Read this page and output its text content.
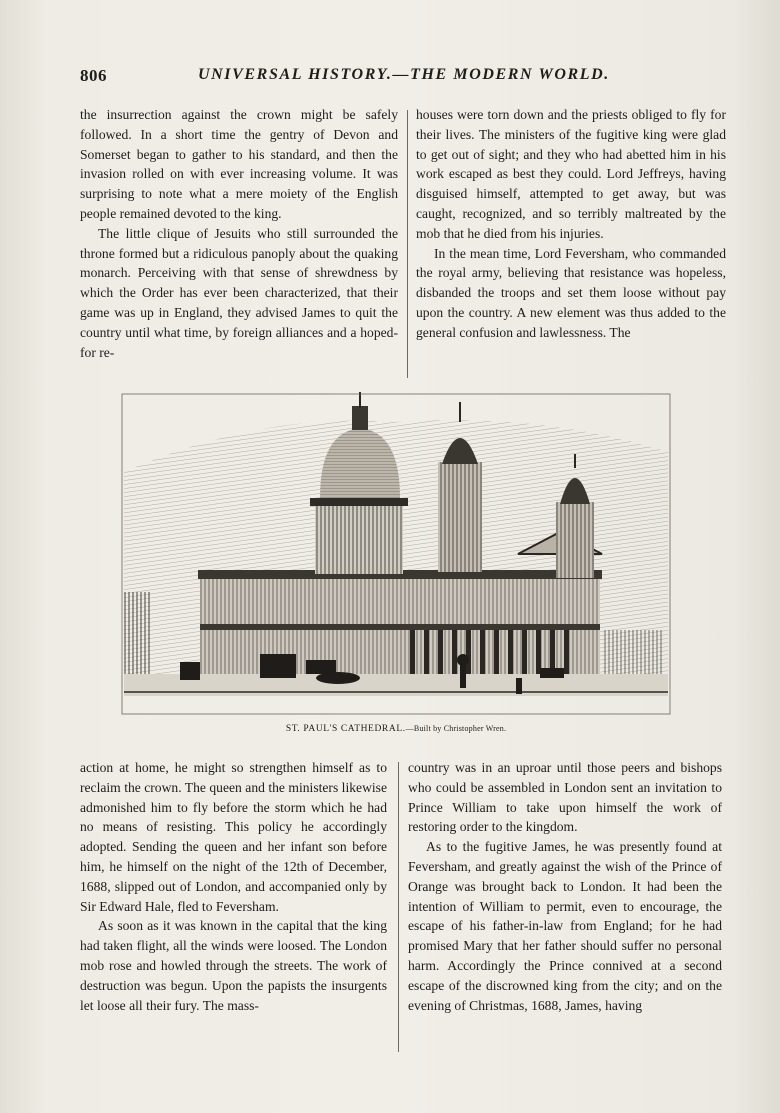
806	UNIVERSAL HISTORY.—THE MODERN WORLD.

the insurrection against the crown might be safely followed. In a short time the gentry of Devon and Somerset began to gather to his standard, and then the invasion rolled on with ever increasing volume. It was surprising to note what a mere moiety of the English people remained devoted to the king.

The little clique of Jesuits who still surrounded the throne formed but a ridiculous panoply about the quaking monarch. Perceiving with that sense of shrewdness by which the Order has ever been characterized, that their game was up in England, they advised James to quit the country until what time, by foreign alliances and a hoped-for re-

houses were torn down and the priests obliged to fly for their lives. The ministers of the fugitive king were glad to get out of sight; and they who had abetted him in his work escaped as best they could. Lord Jeffreys, having disguised himself, attempted to get away, but was caught, recognized, and so terribly maltreated by the mob that he died from his injuries.

In the mean time, Lord Feversham, who commanded the royal army, believing that resistance was hopeless, disbanded the troops and set them loose without pay upon the country. A new element was thus added to the general confusion and lawlessness. The

ST. PAUL'S CATHEDRAL.—Built by Christopher Wren.

action at home, he might so strengthen himself as to reclaim the crown. The queen and the ministers likewise admonished him to fly before the storm which he had no means of resisting. This policy he accordingly adopted. Sending the queen and her infant son before him, he himself on the night of the 12th of December, 1688, slipped out of London, and accompanied only by Sir Edward Hale, fled to Feversham.

As soon as it was known in the capital that the king had taken flight, all the winds were loosed. The London mob rose and howled through the streets. The work of destruction was begun. Upon the papists the insurgents let loose all their fury. The mass-

country was in an uproar until those peers and bishops who could be assembled in London sent an invitation to Prince William to take upon himself the work of restoring order to the kingdom.

As to the fugitive James, he was presently found at Feversham, and greatly against the wish of the Prince of Orange was brought back to London. It had been the intention of William to permit, even to encourage, the escape of his father-in-law from England; for he had promised Mary that her father should suffer no personal harm. Accordingly the Prince connived at a second escape of the discrowned king from the city; and on the evening of Christmas, 1688, James, having
